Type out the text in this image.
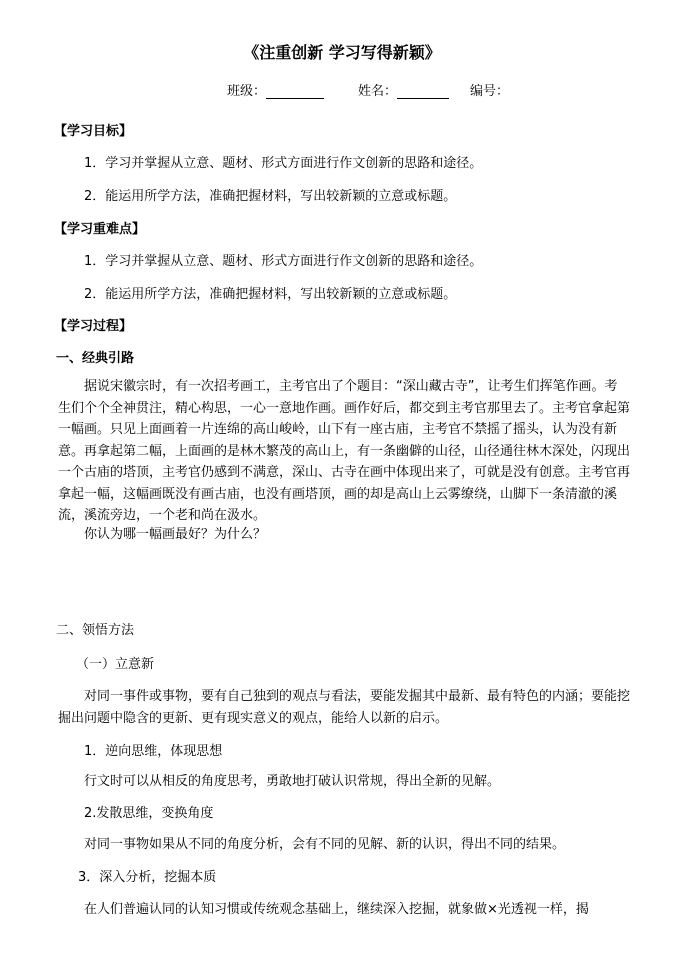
《注重创新 学习写得新颖》
班级：	姓名：	编号：
【学习目标】
1．学习并掌握从立意、题材、形式方面进行作文创新的思路和途径。
2．能运用所学方法，准确把握材料，写出较新颖的立意或标题。
【学习重难点】
1．学习并掌握从立意、题材、形式方面进行作文创新的思路和途径。
2．能运用所学方法，准确把握材料，写出较新颖的立意或标题。
【学习过程】
一、经典引路
据说宋徽宗时，有一次招考画工，主考官出了个题目：“深山藏古寺”，让考生们挥笔作画。考生们个个全神贯注，精心构思，一心一意地作画。画作好后，都交到主考官那里去了。主考官拿起第一幅画。只见上面画着一片连绵的高山峻岭，山下有一座古庙，主考官不禁摇了摇头，认为没有新意。再拿起第二幅，上面画的是林木繁茂的高山上，有一条幽僻的山径，山径通往林木深处，闪现出一个古庙的塔顶，主考官仍感到不满意，深山、古寺在画中体现出来了，可就是没有创意。主考官再拿起一幅，这幅画既没有画古庙，也没有画塔顶，画的却是高山上云雾缭绕，山脚下一条清澈的溪流，溪流旁边，一个老和尚在汲水。
你认为哪一幅画最好？为什么？
二、领悟方法
（一）立意新
对同一事件或事物，要有自己独到的观点与看法，要能发掘其中最新、最有特色的内涵；要能挖掘出问题中隐含的更新、更有现实意义的观点，能给人以新的启示。
1．逆向思维，体现思想
行文时可以从相反的角度思考，勇敢地打破认识常规，得出全新的见解。
2.发散思维，变换角度
对同一事物如果从不同的角度分析，会有不同的见解、新的认识，得出不同的结果。
3．深入分析，挖掘本质
在人们普遍认同的认知习惯或传统观念基础上，继续深入挖掘，就象做×光透视一样，揭
